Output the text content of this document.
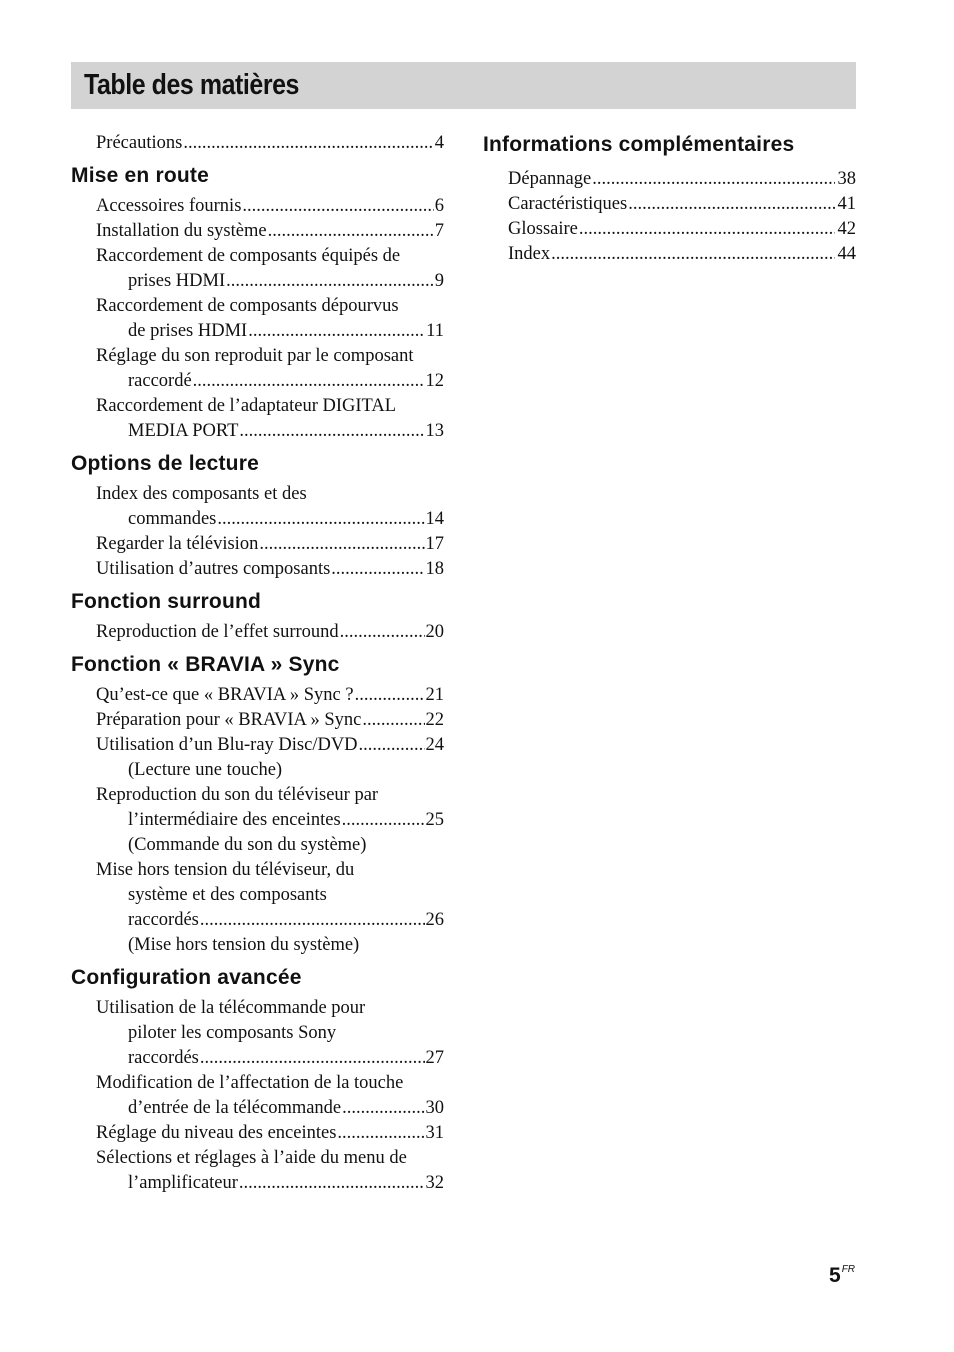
Table des matières
Précautions .....	4
Mise en route
Accessoires fournis .....	6
Installation du système .....	7
Raccordement de composants équipés de
prises HDMI .....	9
Raccordement de composants dépourvus
de prises HDMI .....	11
Réglage du son reproduit par le composant
raccordé .....	12
Raccordement de l’adaptateur DIGITAL
MEDIA PORT .....	13
Options de lecture
Index des composants et des
commandes .....	14
Regarder la télévision .....	17
Utilisation d’autres composants .....	18
Fonction surround
Reproduction de l’effet surround .....	20
Fonction « BRAVIA » Sync
Qu’est-ce que « BRAVIA » Sync ? .....	21
Préparation pour « BRAVIA » Sync .....	22
Utilisation d’un Blu-ray Disc/DVD .....	24
(Lecture une touche)
Reproduction du son du téléviseur par
l’intermédiaire des enceintes .....	25
(Commande du son du système)
Mise hors tension du téléviseur, du
système et des composants
raccordés .....	26
(Mise hors tension du système)
Configuration avancée
Utilisation de la télécommande pour
piloter les composants Sony
raccordés .....	27
Modification de l’affectation de la touche
d’entrée de la télécommande .....	30
Réglage du niveau des enceintes .....	31
Sélections et réglages à l’aide du menu de
l’amplificateur .....	32
Informations complémentaires
Dépannage .....	38
Caractéristiques .....	41
Glossaire .....	42
Index .....	44
$5^{FR}$
